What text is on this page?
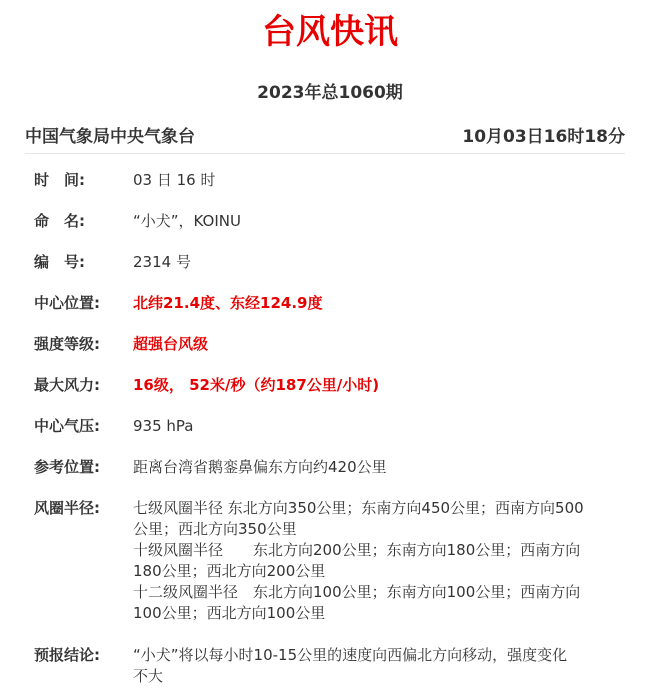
台风快讯
2023年总1060期
中国气象局中央气象台	10月03日16时18分
时　间:	03 日 16 时
命　名:	“小犬”，KOINU
编　号:	2314 号
中心位置:	北纬21.4度、东经124.9度
强度等级:	超强台风级
最大风力:	16级， 52米/秒（约187公里/小时)
中心气压:	935 hPa
参考位置:	距离台湾省鹅銮鼻偏东方向约420公里
风圈半径:	七级风圈半径 东北方向350公里；东南方向450公里；西南方向500
公里；西北方向350公里
十级风圈半径　　东北方向200公里；东南方向180公里；西南方向
180公里；西北方向200公里
十二级风圈半径　东北方向100公里；东南方向100公里；西南方向
100公里；西北方向100公里
预报结论:	“小犬”将以每小时10-15公里的速度向西偏北方向移动，强度变化
不大
